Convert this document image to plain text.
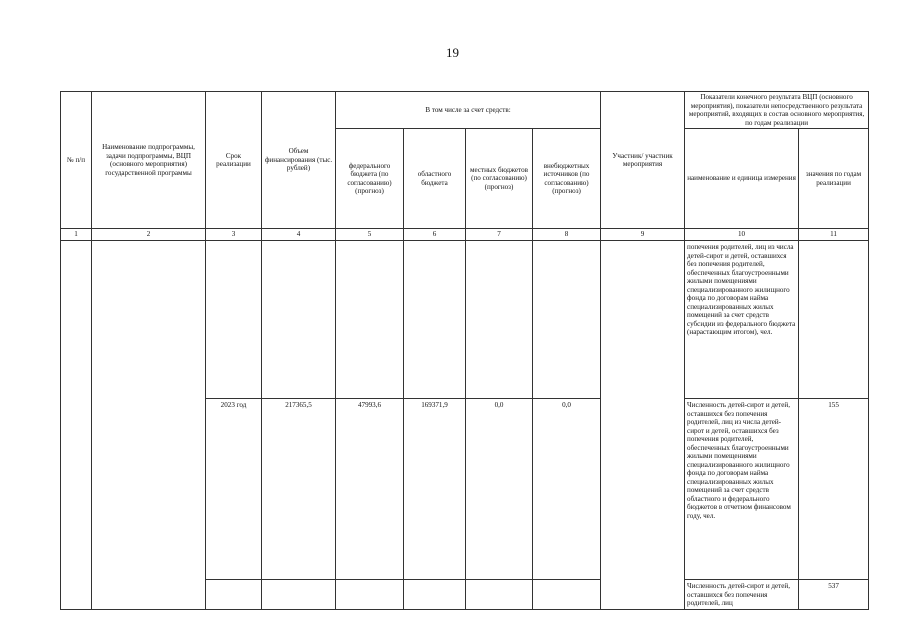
19
№ п/п	Наименование подпрограммы, задачи подпрограммы, ВЦП (основного мероприятия) государственной программы	Срок реализации	Объем финансирования (тыс. рублей)	В том числе за счет средств:				Участник/ участник мероприятия	Показатели конечного результата ВЦП (основного мероприятия), показатели непосредственного результата мероприятий, входящих в состав основного мероприятия, по годам реализации	
				федерального бюджета (по согласованию) (прогноз)	областного бюджета	местных бюджетов (по согласованию) (прогноз)	внебюджетных источников (по согласованию) (прогноз)		наименование и единица измерения	значения по годам реализации
1	2	3	4	5	6	7	8	9	10	11
									попечения родителей, лиц из числа детей-сирот и детей, оставшихся без попечения родителей, обеспеченных благоустроенными жилыми помещениями специализированного жилищного фонда по договорам найма специализированных жилых помещений за счет средств субсидии из федерального бюджета (нарастающим итогом), чел.	
		2023 год	217365,5	47993,6	169371,9	0,0	0,0		Численность детей-сирот и детей, оставшихся без попечения родителей, лиц из числа детей-сирот и детей, оставшихся без попечения родителей, обеспеченных благоустроенными жилыми помещениями специализированного жилищного фонда по договорам найма специализированных жилых помещений за счет средств областного и федерального бюджетов в отчетном финансовом году, чел.	155

									Численность детей-сирот и детей, оставшихся без попечения родителей, лиц	537
